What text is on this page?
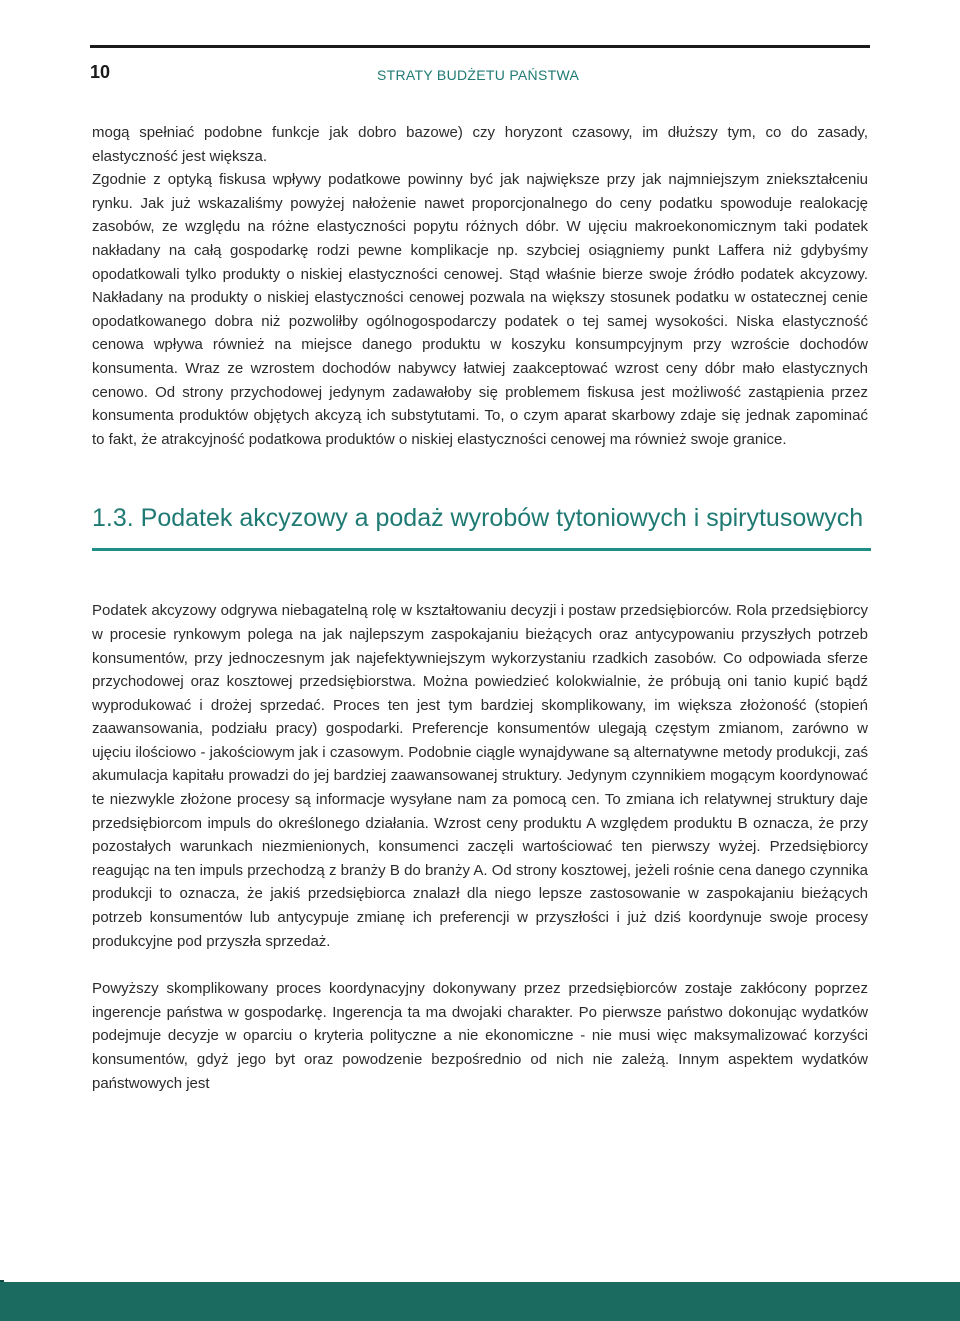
10	STRATY BUDŻETU PAŃSTWA

mogą spełniać podobne funkcje jak dobro bazowe) czy horyzont czasowy, im dłuższy tym, co do zasady, elastyczność jest większa.

Zgodnie z optyką fiskusa wpływy podatkowe powinny być jak największe przy jak najmniejszym zniekształceniu rynku. Jak już wskazaliśmy powyżej nałożenie nawet proporcjonalnego do ceny podatku spowoduje realokację zasobów, ze względu na różne elastyczności popytu różnych dóbr. W ujęciu makroekonomicznym taki podatek nakładany na całą gospodarkę rodzi pewne komplikacje np. szybciej osiągniemy punkt Laffera niż gdybyśmy opodatkowali tylko produkty o niskiej elastyczności cenowej. Stąd właśnie bierze swoje źródło podatek akcyzowy. Nakładany na produkty o niskiej elastyczności cenowej pozwala na większy stosunek podatku w ostatecznej cenie opodatkowanego dobra niż pozwoliłby ogólnogospodarczy podatek o tej samej wysokości. Niska elastyczność cenowa wpływa również na miejsce danego produktu w koszyku konsumpcyjnym przy wzroście dochodów konsumenta. Wraz ze wzrostem dochodów nabywcy łatwiej zaakceptować wzrost ceny dóbr mało elastycznych cenowo. Od strony przychodowej jedynym zadawałoby się problemem fiskusa jest możliwość zastąpienia przez konsumenta produktów objętych akcyzą ich substytutami. To, o czym aparat skarbowy zdaje się jednak zapominać to fakt, że atrakcyjność podatkowa produktów o niskiej elastyczności cenowej ma również swoje granice.

1.3. Podatek akcyzowy a podaż wyrobów tytoniowych i spirytusowych

Podatek akcyzowy odgrywa niebagatelną rolę w kształtowaniu decyzji i postaw przedsiębiorców. Rola przedsiębiorcy w procesie rynkowym polega na jak najlepszym zaspokajaniu bieżących oraz antycypowaniu przyszłych potrzeb konsumentów, przy jednoczesnym jak najefektywniejszym wykorzystaniu rzadkich zasobów. Co odpowiada sferze przychodowej oraz kosztowej przedsiębiorstwa. Można powiedzieć kolokwialnie, że próbują oni tanio kupić bądź wyprodukować i drożej sprzedać. Proces ten jest tym bardziej skomplikowany, im większa złożoność (stopień zaawansowania, podziału pracy) gospodarki. Preferencje konsumentów ulegają częstym zmianom, zarówno w ujęciu ilościowo - jakościowym jak i czasowym. Podobnie ciągle wynajdywane są alternatywne metody produkcji, zaś akumulacja kapitału prowadzi do jej bardziej zaawansowanej struktury. Jedynym czynnikiem mogącym koordynować te niezwykle złożone procesy są informacje wysyłane nam za pomocą cen. To zmiana ich relatywnej struktury daje przedsiębiorcom impuls do określonego działania. Wzrost ceny produktu A względem produktu B oznacza, że przy pozostałych warunkach niezmienionych, konsumenci zaczęli wartościować ten pierwszy wyżej. Przedsiębiorcy reagując na ten impuls przechodzą z branży B do branży A. Od strony kosztowej, jeżeli rośnie cena danego czynnika produkcji to oznacza, że jakiś przedsiębiorca znalazł dla niego lepsze zastosowanie w zaspokajaniu bieżących potrzeb konsumentów lub antycypuje zmianę ich preferencji w przyszłości i już dziś koordynuje swoje procesy produkcyjne pod przyszła sprzedaż.

Powyższy skomplikowany proces koordynacyjny dokonywany przez przedsiębiorców zostaje zakłócony poprzez ingerencje państwa w gospodarkę. Ingerencja ta ma dwojaki charakter. Po pierwsze państwo dokonując wydatków podejmuje decyzje w oparciu o kryteria polityczne a nie ekonomiczne - nie musi więc maksymalizować korzyści konsumentów, gdyż jego byt oraz powodzenie bezpośrednio od nich nie zależą. Innym aspektem wydatków państwowych jest
